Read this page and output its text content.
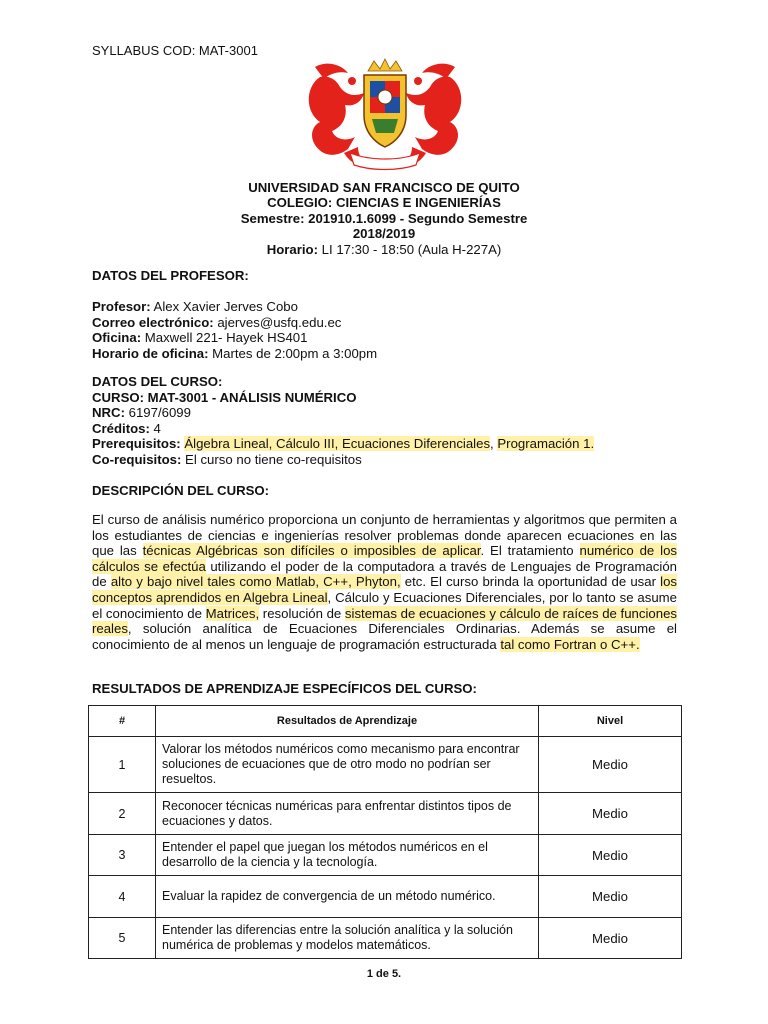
SYLLABUS COD: MAT-3001
UNIVERSIDAD SAN FRANCISCO DE QUITO
COLEGIO: CIENCIAS E INGENIERÍAS
Semestre: 201910.1.6099 - Segundo Semestre
2018/2019
Horario: LI 17:30 - 18:50 (Aula H-227A)
DATOS DEL PROFESOR:
Profesor: Alex Xavier Jerves Cobo
Correo electrónico: ajerves@usfq.edu.ec
Oficina: Maxwell 221- Hayek HS401
Horario de oficina: Martes de 2:00pm a 3:00pm
DATOS DEL CURSO:
CURSO: MAT-3001 - ANÁLISIS NUMÉRICO
NRC: 6197/6099
Créditos: 4
Prerequisitos: Álgebra Lineal, Cálculo III, Ecuaciones Diferenciales, Programación 1.
Co-requisitos: El curso no tiene co-requisitos
DESCRIPCIÓN DEL CURSO:
El curso de análisis numérico proporciona un conjunto de herramientas y algoritmos que permiten a los estudiantes de ciencias e ingenierías resolver problemas donde aparecen ecuaciones en las que las técnicas Algébricas son difíciles o imposibles de aplicar. El tratamiento numérico de los cálculos se efectúa utilizando el poder de la computadora a través de Lenguajes de Programación de alto y bajo nivel tales como Matlab, C++, Phyton, etc. El curso brinda la oportunidad de usar los conceptos aprendidos en Algebra Lineal, Cálculo y Ecuaciones Diferenciales, por lo tanto se asume el conocimiento de Matrices, resolución de sistemas de ecuaciones y cálculo de raíces de funciones reales, solución analítica de Ecuaciones Diferenciales Ordinarias. Además se asume el conocimiento de al menos un lenguaje de programación estructurada tal como Fortran o C++.
RESULTADOS DE APRENDIZAJE ESPECÍFICOS DEL CURSO:
#	Resultados de Aprendizaje	Nivel
1	Valorar los métodos numéricos como mecanismo para encontrar soluciones de ecuaciones que de otro modo no podrían ser resueltos.	Medio
2	Reconocer técnicas numéricas para enfrentar distintos tipos de ecuaciones y datos.	Medio
3	Entender el papel que juegan los métodos numéricos en el desarrollo de la ciencia y la tecnología.	Medio
4	Evaluar la rapidez de convergencia de un método numérico.	Medio
5	Entender las diferencias entre la solución analítica y la solución numérica de problemas y modelos matemáticos.	Medio
1 de 5.
